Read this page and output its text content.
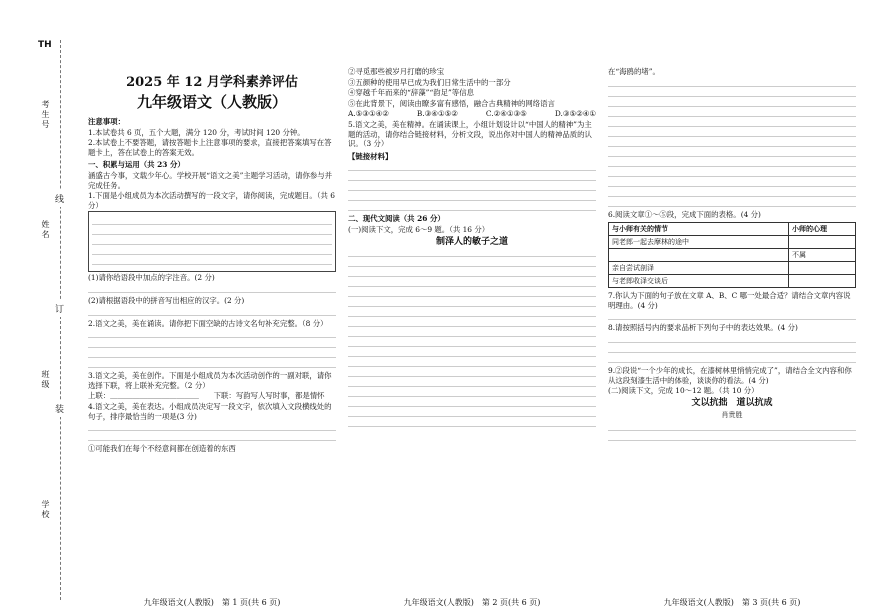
TH
考生号
姓名
班级
学校
线
订
装
2025 年 12 月学科素养评估
九年级语文（人教版）
注意事项：
1.本试卷共 6 页，五个大题，满分 120 分，考试时间 120 分钟。
2.本试卷上不要答题，请按答题卡上注意事项的要求，直接把答案填写在答题卡上，答在试卷上的答案无效。
一、积累与运用（共 23 分）
涵盛古今事，文载少年心。学校开展“语文之美”主题学习活动，请你参与并完成任务。
1.下面是小组成员为本次活动撰写的一段文字，请你阅读，完成题目。（共 6 分）
(1)请你给语段中加点的字注音。(2 分)
(2)请根据语段中的拼音写出相应的汉字。(2 分)
2.语文之美，美在诵读。请你把下面空缺的古诗文名句补充完整。（8 分）
3.语文之美，美在创作。下面是小组成员为本次活动创作的一副对联，请你选择下联，将上联补充完整。（2 分）
上联：＿＿＿＿＿＿＿＿＿＿＿＿　　下联：写韵写人写时事，都是情怀
4.语文之美，美在表达。小组成员决定写一段文字，依次填入文段横线处的句子，排序最恰当的一项是(3 分)
①可能我们在每个不经意间都在创造着的东西
②寻觅那些被岁月打磨的珍宝
③五颜种的使用早已成为我们日常生活中的一部分
④穿越千年而来的“辞藻”“韵足”等信息
⑤在此背景下，阅读由瞭多富有感悟，融合古典精神的网络语言
A.⑤③①④②	B.③④①⑤②	C.②④①③⑤	D.③⑤②④①
5.语文之美，美在精神。在诵读课上，小组计划设计以“中国人的精神”为主题的活动，请你结合链接材料，分析文段，说出你对中国人的精神品质的认识。（3 分）
【链接材料】
二、现代文阅读（共 26 分）
(一)阅读下文，完成 6～9 题。（共 16 分）
制泽人的敏子之道
在“海鸥的堵”。
6.阅读文章①～⑤段，完成下面的表格。(4 分)
与小师有关的情节	小师的心理
同老郎一起去摩林的途中	
	不属
亲自尝试剖泽	
与老郎收泽交谈后	
7.你认为下面的句子放在文章 A、B、C 哪一处最合适？请结合文章内容说明理由。(4 分)
8.请按照括号内的要求品析下列句子中的表达效果。(4 分)
9.②段说“一个少年的成长，在漆树林里悄悄完成了”，请结合全文内容和你从这段刻漆生活中的体验，谈谈你的看法。(4 分)
(二)阅读下文，完成 10～12 题。（共 10 分）
文以抗拙　道以抗成
肖贵胜
九年级语文(人教版)　第 1 页(共 6 页)	九年级语文(人教版)　第 2 页(共 6 页)	九年级语文(人教版)　第 3 页(共 6 页)
